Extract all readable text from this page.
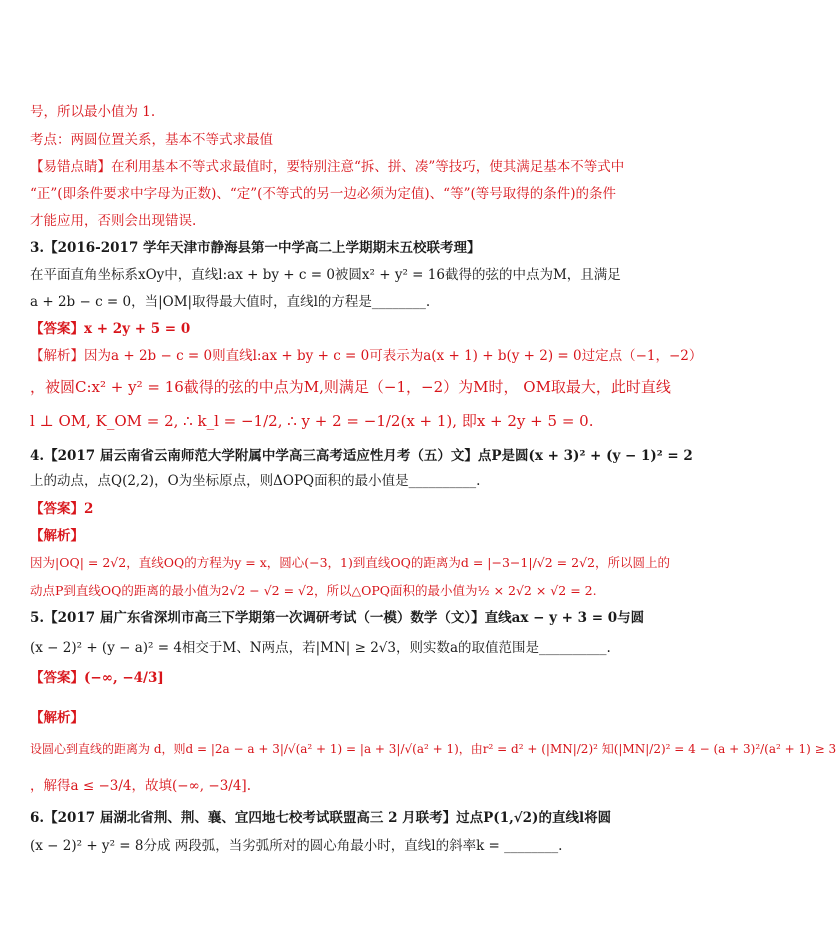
号，所以最小值为 1.
考点：两圆位置关系，基本不等式求最值
【易错点睛】在利用基本不等式求最值时，要特别注意“拆、拼、凑”等技巧，使其满足基本不等式中
“正”(即条件要求中字母为正数)、“定”(不等式的另一边必须为定值)、“等”(等号取得的条件)的条件
才能应用，否则会出现错误.
3.【2016-2017 学年天津市静海县第一中学高二上学期期末五校联考理】
在平面直角坐标系xOy中，直线l:ax + by + c = 0被圆x² + y² = 16截得的弦的中点为M，且满足
a + 2b − c = 0，当|OM|取得最大值时，直线l的方程是________.
【答案】x + 2y + 5 = 0
【解析】因为a + 2b − c = 0则直线l:ax + by + c = 0可表示为a(x + 1) + b(y + 2) = 0过定点（−1，−2）
，被圆C:x² + y² = 16截得的弦的中点为M,则满足（−1，−2）为M时， OM取最大，此时直线
l ⊥ OM, K_OM = 2, ∴ k_l = −1/2, ∴ y + 2 = −1/2(x + 1), 即x + 2y + 5 = 0.
4.【2017 届云南省云南师范大学附属中学高三高考适应性月考（五）文】点P是圆(x + 3)² + (y − 1)² = 2
上的动点，点Q(2,2)，O为坐标原点，则ΔOPQ面积的最小值是__________.
【答案】2
【解析】
因为|OQ| = 2√2，直线OQ的方程为y = x，圆心(−3，1)到直线OQ的距离为d = |−3−1|/√2 = 2√2，所以圆上的
动点P到直线OQ的距离的最小值为2√2 − √2 = √2，所以△OPQ面积的最小值为½ × 2√2 × √2 = 2.
5.【2017 届广东省深圳市高三下学期第一次调研考试（一模）数学（文）】直线ax − y + 3 = 0与圆
(x − 2)² + (y − a)² = 4相交于M、N两点，若|MN| ≥ 2√3，则实数a的取值范围是__________.
【答案】(−∞, −4/3]
【解析】
设圆心到直线的距离为 d，则d = |2a − a + 3|/√(a² + 1) = |a + 3|/√(a² + 1)，由r² = d² + (|MN|/2)² 知(|MN|/2)² = 4 − (a + 3)²/(a² + 1) ≥ 3
，解得a ≤ −3/4，故填(−∞, −3/4].
6.【2017 届湖北省荆、荆、襄、宜四地七校考试联盟高三 2 月联考】过点P(1,√2)的直线l将圆
(x − 2)² + y² = 8分成 两段弧，当劣弧所对的圆心角最小时，直线l的斜率k = ________.
